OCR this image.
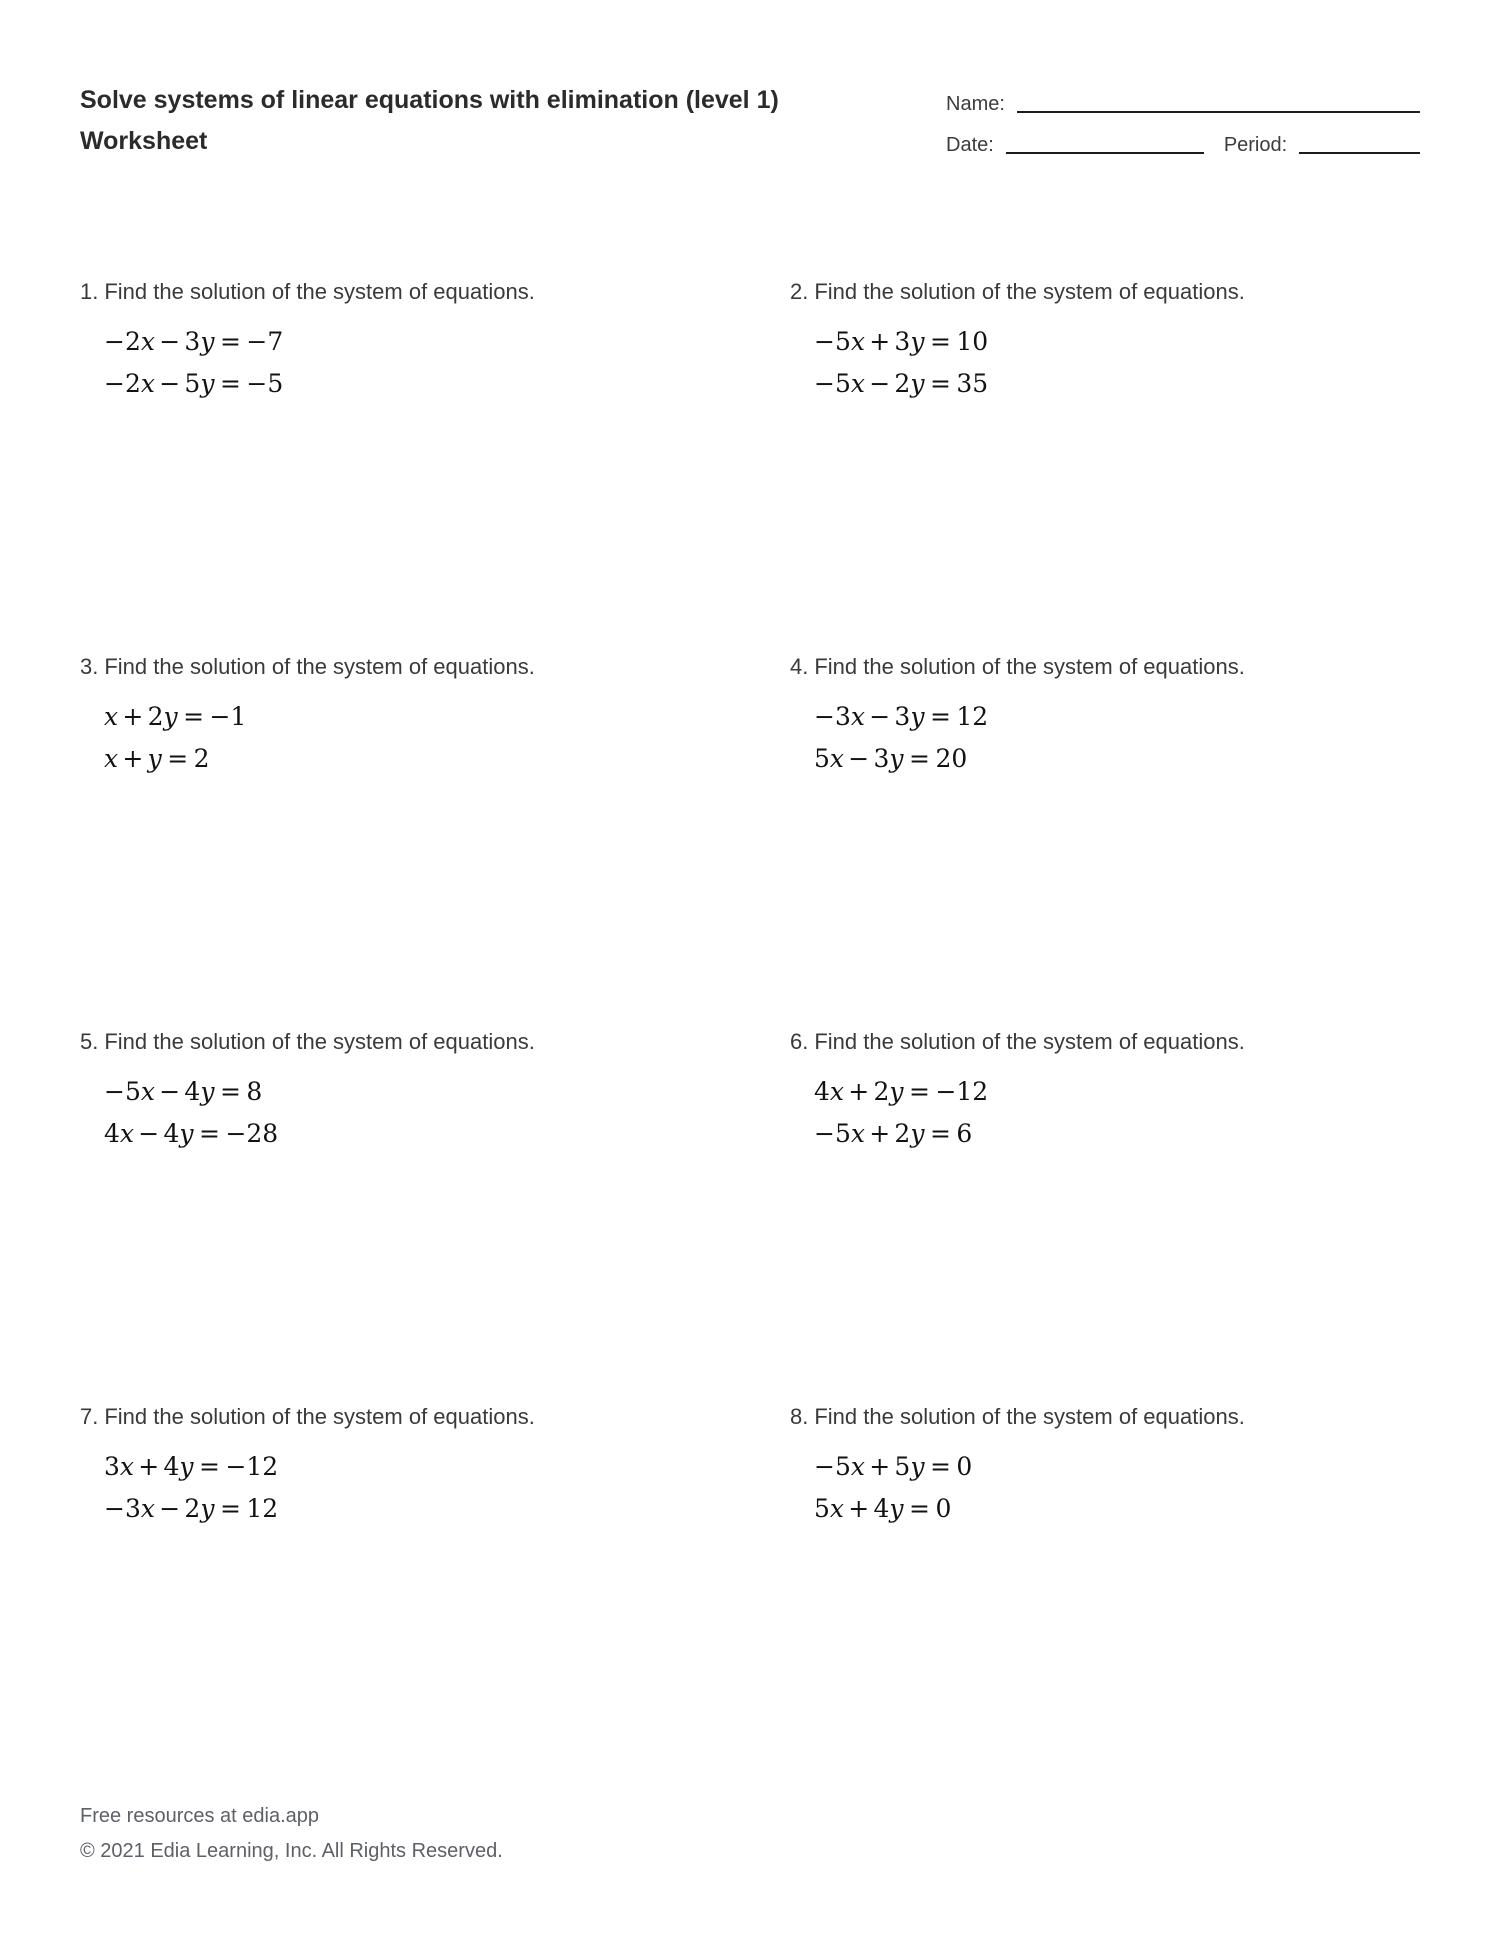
Solve systems of linear equations with elimination (level 1)
Worksheet
Name:
Date:	Period:
1. Find the solution of the system of equations.
−2x − 3y = −7
−2x − 5y = −5
2. Find the solution of the system of equations.
−5x + 3y = 10
−5x − 2y = 35
3. Find the solution of the system of equations.
x + 2y = −1
x + y = 2
4. Find the solution of the system of equations.
−3x − 3y = 12
5x − 3y = 20
5. Find the solution of the system of equations.
−5x − 4y = 8
4x − 4y = −28
6. Find the solution of the system of equations.
4x + 2y = −12
−5x + 2y = 6
7. Find the solution of the system of equations.
3x + 4y = −12
−3x − 2y = 12
8. Find the solution of the system of equations.
−5x + 5y = 0
5x + 4y = 0
Free resources at edia.app
© 2021 Edia Learning, Inc. All Rights Reserved.
